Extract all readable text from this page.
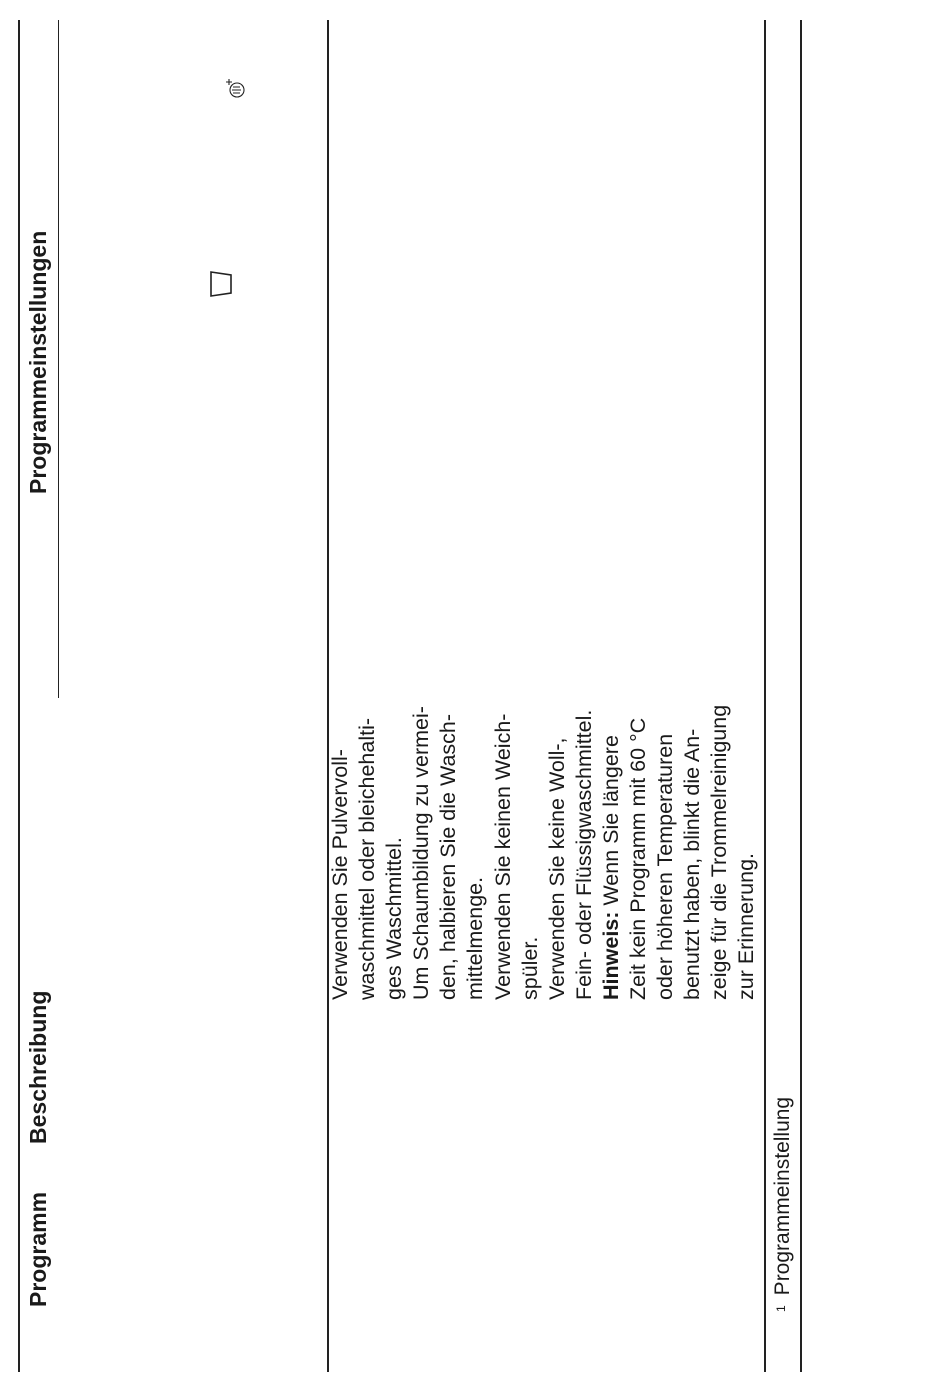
Programm
Beschreibung
Programmeinstellungen
Verwenden Sie Pulvervoll- waschmittel oder bleichehalti- ges Waschmittel. Um Schaumbildung zu vermei- den, halbieren Sie die Wasch- mittelmenge. Verwenden Sie keinen Weich- spüler. Verwenden Sie keine Woll-, Fein- oder Flüssigwaschmittel. Hinweis: Wenn Sie längere Zeit kein Programm mit 60 °C oder höheren Temperaturen benutzt haben, blinkt die An- zeige für die Trommelreinigung zur Erinnerung.
$^1$Programmeinstellung
